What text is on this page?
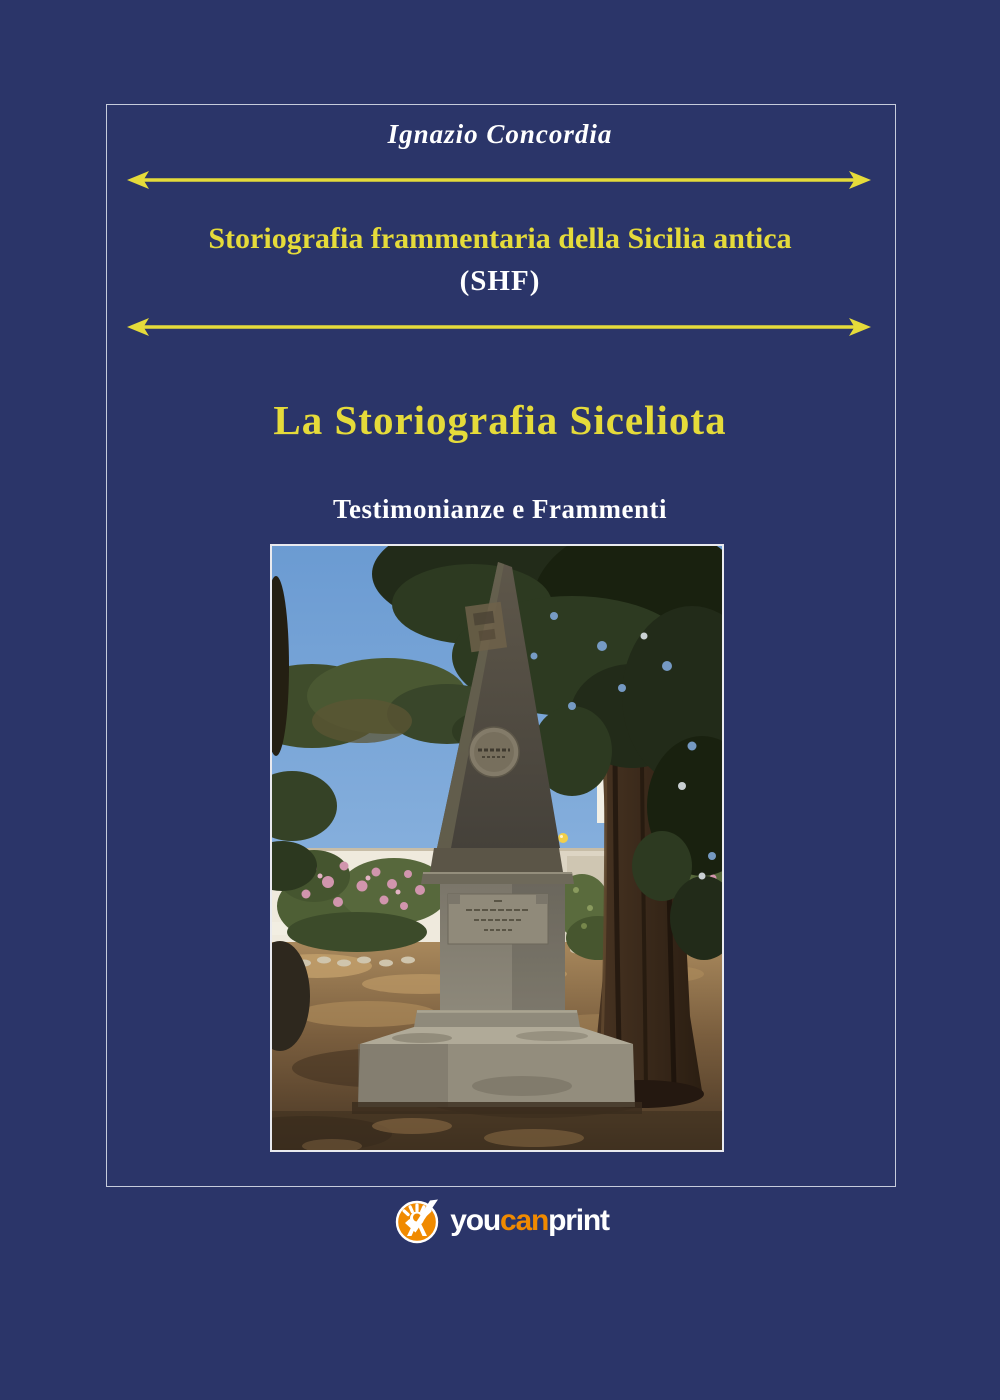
Ignazio Concordia
Storiografia frammentaria della Sicilia antica
(SHF)
La Storiografia Siceliota
Testimonianze e Frammenti
youcanprint
